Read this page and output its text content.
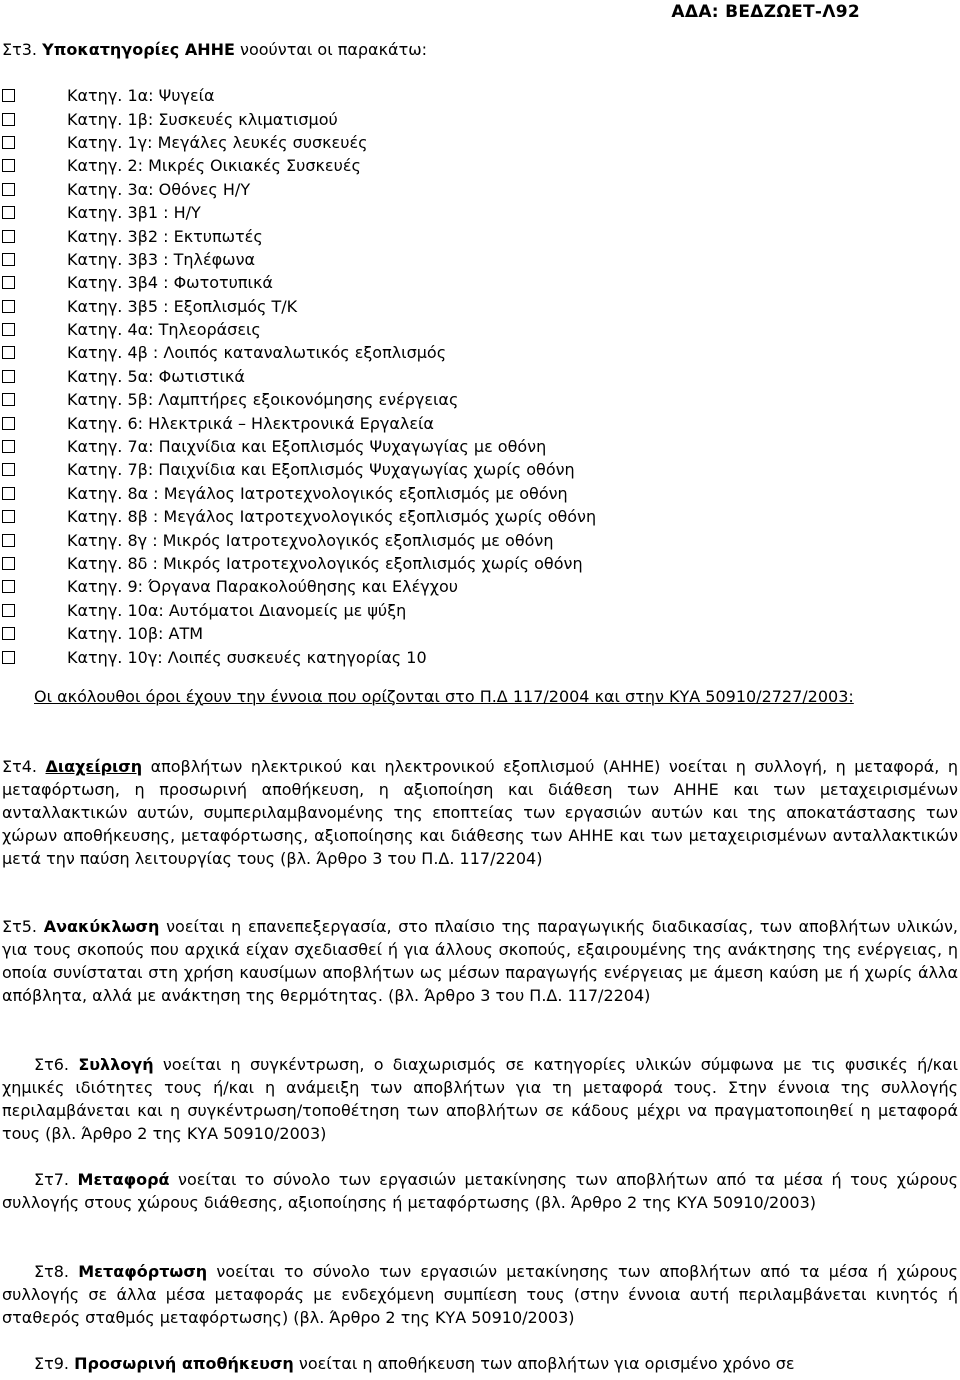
ΑΔΑ: ΒΕΔΖΩΕΤ-Λ92
Στ3. Υποκατηγορίες ΑΗΗΕ νοούνται οι παρακάτω:
Κατηγ. 1α: Ψυγεία
Κατηγ. 1β: Συσκευές κλιματισμού
Κατηγ. 1γ: Μεγάλες λευκές συσκευές
Κατηγ. 2: Μικρές Οικιακές Συσκευές
Κατηγ. 3α: Οθόνες Η/Υ
Κατηγ. 3β1 : Η/Υ
Κατηγ. 3β2 : Εκτυπωτές
Κατηγ. 3β3 : Τηλέφωνα
Κατηγ. 3β4 : Φωτοτυπικά
Κατηγ. 3β5 : Εξοπλισμός Τ/Κ
Κατηγ. 4α: Τηλεοράσεις
Κατηγ. 4β : Λοιπός καταναλωτικός εξοπλισμός
Κατηγ. 5α: Φωτιστικά
Κατηγ. 5β: Λαμπτήρες εξοικονόμησης ενέργειας
Κατηγ. 6: Ηλεκτρικά – Ηλεκτρονικά Εργαλεία
Κατηγ. 7α: Παιχνίδια και Εξοπλισμός Ψυχαγωγίας με οθόνη
Κατηγ. 7β: Παιχνίδια και Εξοπλισμός Ψυχαγωγίας χωρίς οθόνη
Κατηγ. 8α : Μεγάλος Ιατροτεχνολογικός εξοπλισμός με οθόνη
Κατηγ. 8β : Μεγάλος Ιατροτεχνολογικός εξοπλισμός χωρίς οθόνη
Κατηγ. 8γ : Μικρός Ιατροτεχνολογικός εξοπλισμός με οθόνη
Κατηγ. 8δ : Μικρός Ιατροτεχνολογικός εξοπλισμός χωρίς οθόνη
Κατηγ. 9: Όργανα Παρακολούθησης και Ελέγχου
Κατηγ. 10α: Αυτόματοι Διανομείς με ψύξη
Κατηγ. 10β: ΑΤΜ
Κατηγ. 10γ: Λοιπές συσκευές κατηγορίας 10
Οι ακόλουθοι όροι έχουν την έννοια που ορίζονται στο Π.Δ 117/2004 και στην ΚΥΑ 50910/2727/2003:
Στ4. Διαχείριση αποβλήτων ηλεκτρικού και ηλεκτρονικού εξοπλισμού (ΑΗΗΕ) νοείται η συλλογή, η μεταφορά, η μεταφόρτωση, η προσωρινή αποθήκευση, η αξιοποίηση και διάθεση των ΑΗΗΕ και των μεταχειρισμένων ανταλλακτικών αυτών, συμπεριλαμβανομένης της εποπτείας των εργασιών αυτών και της αποκατάστασης των χώρων αποθήκευσης, μεταφόρτωσης, αξιοποίησης και διάθεσης των ΑΗΗΕ και των μεταχειρισμένων ανταλλακτικών μετά την παύση λειτουργίας τους (βλ. Άρθρο 3 του Π.Δ. 117/2204)
Στ5. Ανακύκλωση νοείται η επανεπεξεργασία, στο πλαίσιο της παραγωγικής διαδικασίας, των αποβλήτων υλικών, για τους σκοπούς που αρχικά είχαν σχεδιασθεί ή για άλλους σκοπούς, εξαιρουμένης της ανάκτησης της ενέργειας, η οποία συνίσταται στη χρήση καυσίμων αποβλήτων ως μέσων παραγωγής ενέργειας με άμεση καύση με ή χωρίς άλλα απόβλητα, αλλά με ανάκτηση της θερμότητας. (βλ. Άρθρο 3 του Π.Δ. 117/2204)
Στ6. Συλλογή νοείται η συγκέντρωση, ο διαχωρισμός σε κατηγορίες υλικών σύμφωνα με τις φυσικές ή/και χημικές ιδιότητες τους ή/και η ανάμειξη των αποβλήτων για τη μεταφορά τους. Στην έννοια της συλλογής περιλαμβάνεται και η συγκέντρωση/τοποθέτηση των αποβλήτων σε κάδους μέχρι να πραγματοποιηθεί η μεταφορά τους (βλ. Άρθρο 2 της ΚΥΑ 50910/2003)
Στ7. Μεταφορά νοείται το σύνολο των εργασιών μετακίνησης των αποβλήτων από τα μέσα ή τους χώρους συλλογής στους χώρους διάθεσης, αξιοποίησης ή μεταφόρτωσης (βλ. Άρθρο 2 της ΚΥΑ 50910/2003)
Στ8. Μεταφόρτωση νοείται το σύνολο των εργασιών μετακίνησης των αποβλήτων από τα μέσα ή χώρους συλλογής σε άλλα μέσα μεταφοράς με ενδεχόμενη συμπίεση τους (στην έννοια αυτή περιλαμβάνεται κινητός ή σταθερός σταθμός μεταφόρτωσης) (βλ. Άρθρο 2 της ΚΥΑ 50910/2003)
Στ9. Προσωρινή αποθήκευση νοείται η αποθήκευση των αποβλήτων για ορισμένο χρόνο σε
